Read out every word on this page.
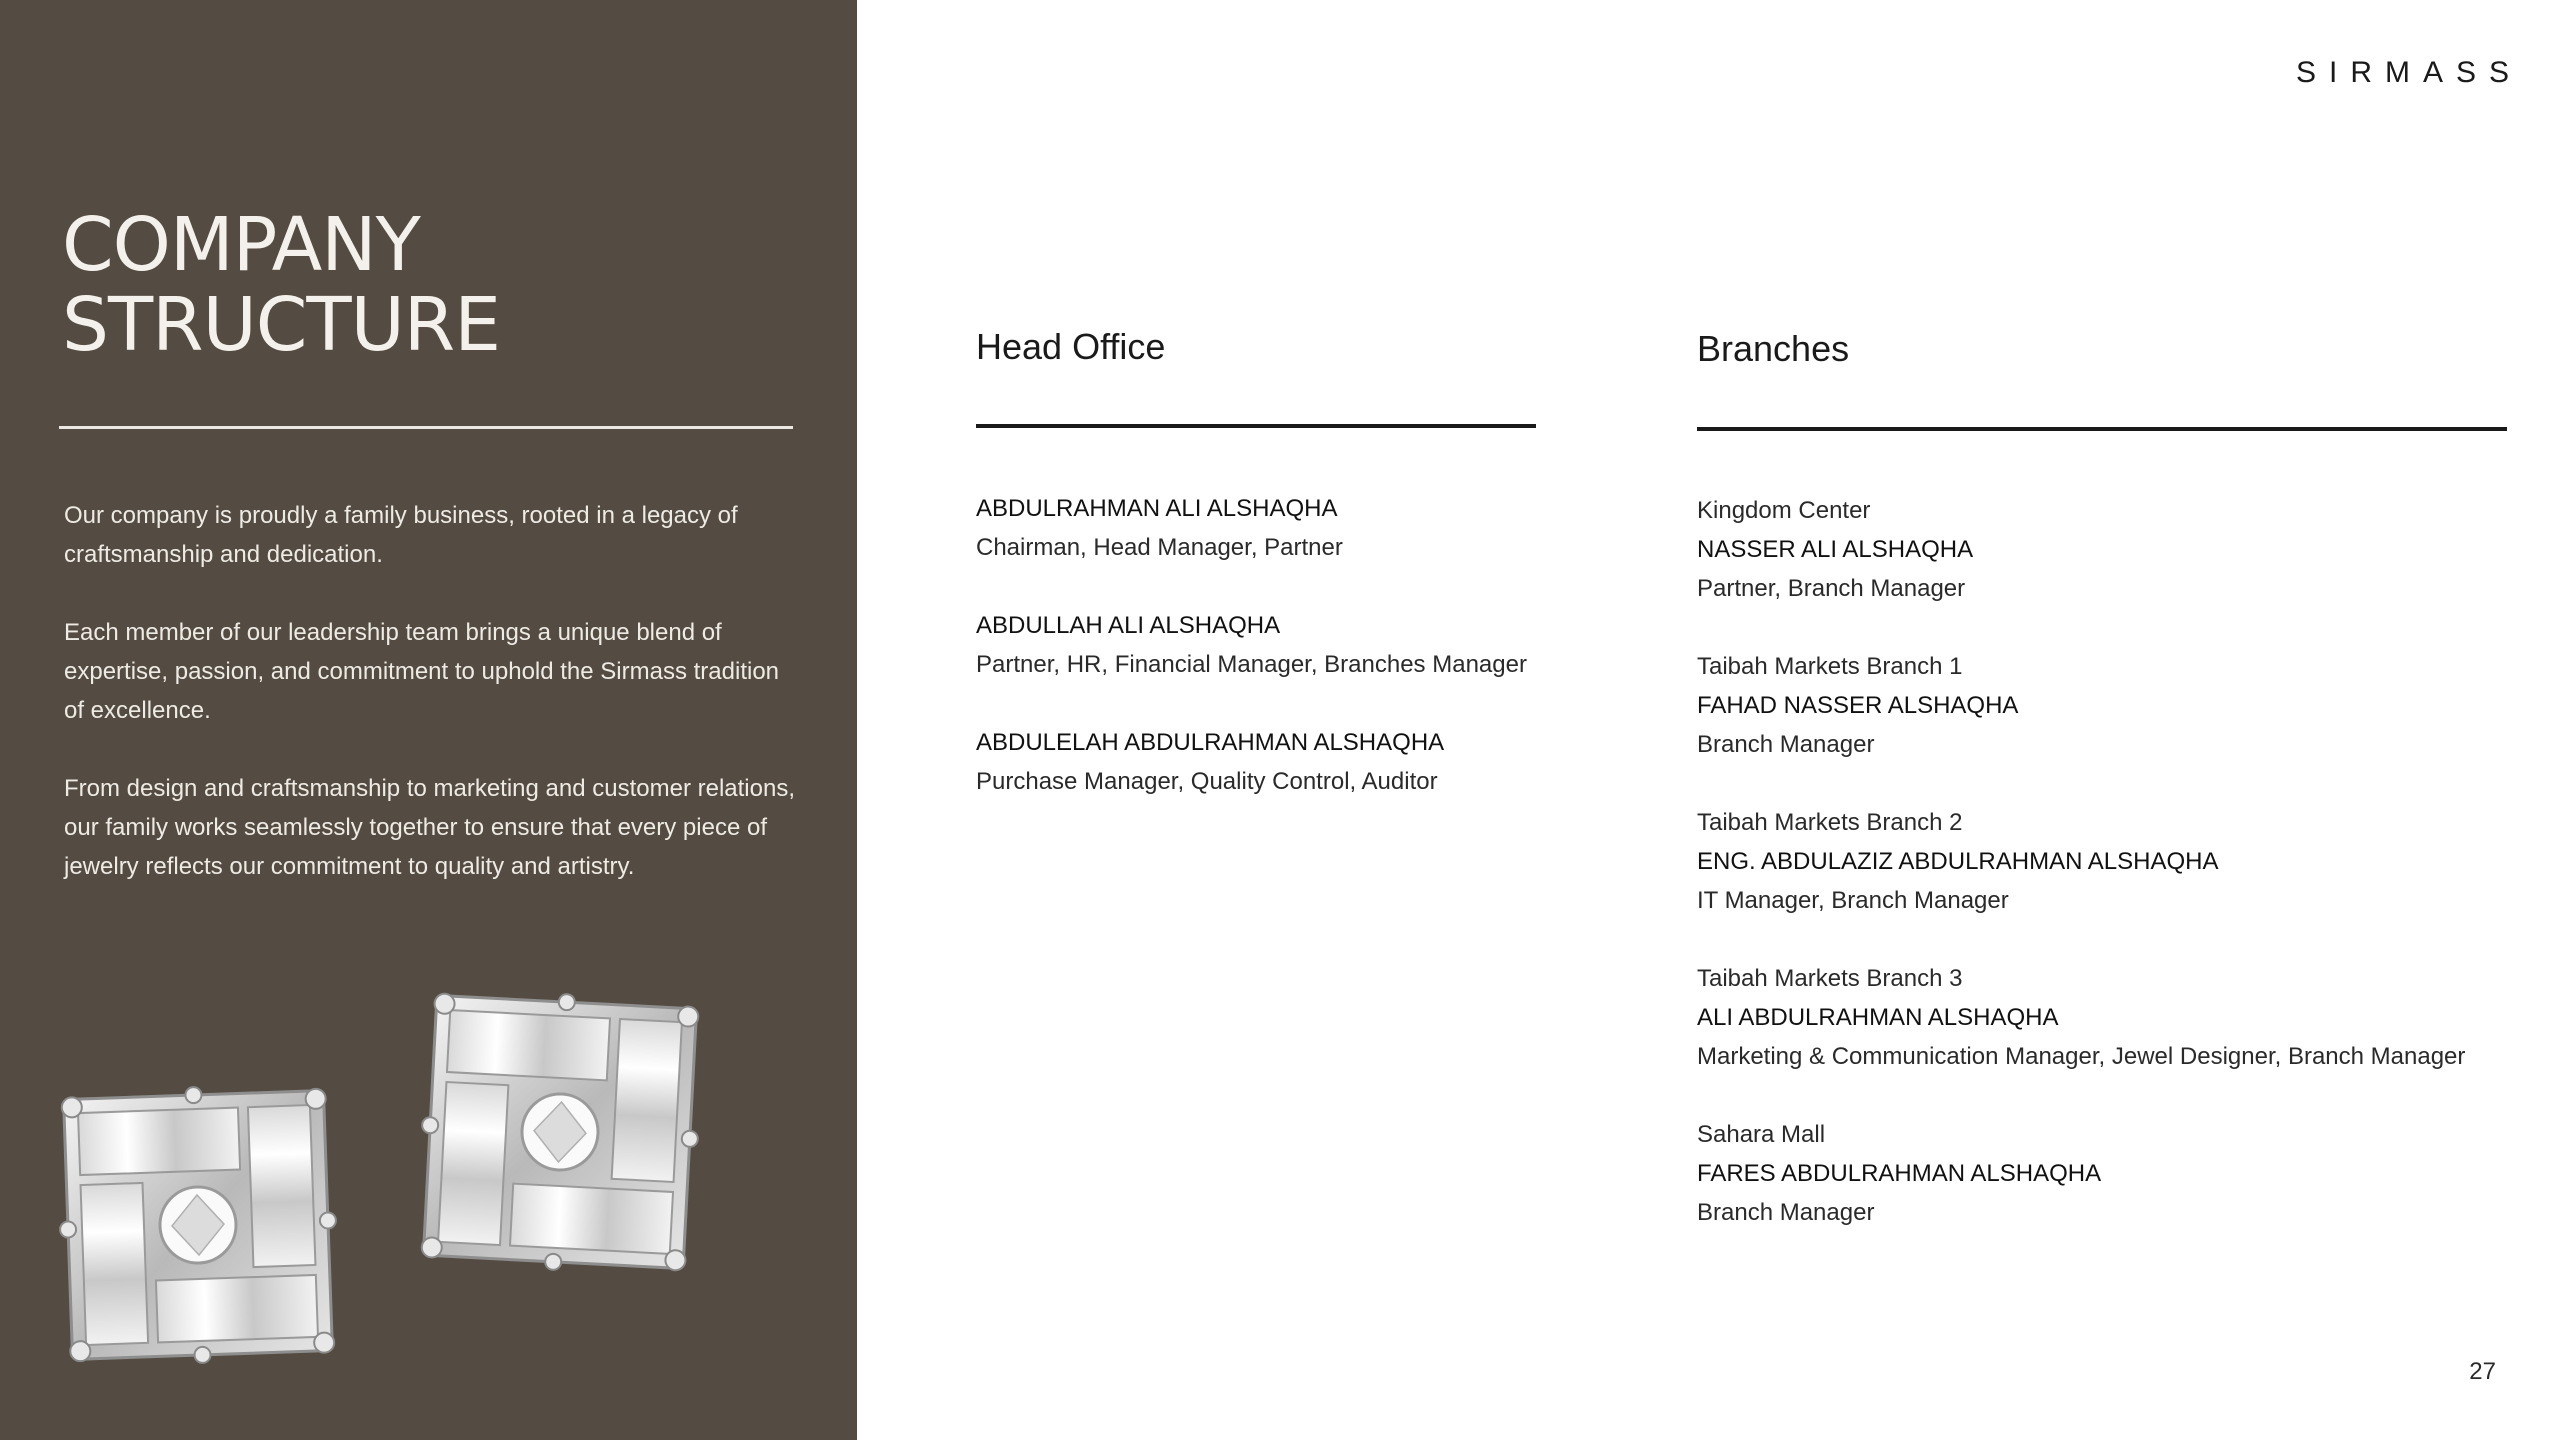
COMPANY
STRUCTURE

Our company is proudly a family business, rooted in a legacy of craftsmanship and dedication.

Each member of our leadership team brings a unique blend of expertise, passion, and commitment to uphold the Sirmass tradition of excellence.

From design and craftsmanship to marketing and customer relations, our family works seamlessly together to ensure that every piece of jewelry reflects our commitment to quality and artistry.

SIRMASS
Head Office
ABDULRAHMAN ALI ALSHAQHA
Chairman, Head Manager, Partner
ABDULLAH ALI ALSHAQHA
Partner, HR, Financial Manager, Branches Manager
ABDULELAH ABDULRAHMAN ALSHAQHA
Purchase Manager, Quality Control, Auditor
Branches
Kingdom Center
NASSER ALI ALSHAQHA
Partner, Branch Manager
Taibah Markets Branch 1
FAHAD NASSER ALSHAQHA
Branch Manager
Taibah Markets Branch 2
ENG. ABDULAZIZ ABDULRAHMAN ALSHAQHA
IT Manager, Branch Manager
Taibah Markets Branch 3
ALI ABDULRAHMAN ALSHAQHA
Marketing & Communication Manager, Jewel Designer, Branch Manager
Sahara Mall
FARES ABDULRAHMAN ALSHAQHA
Branch Manager
27
